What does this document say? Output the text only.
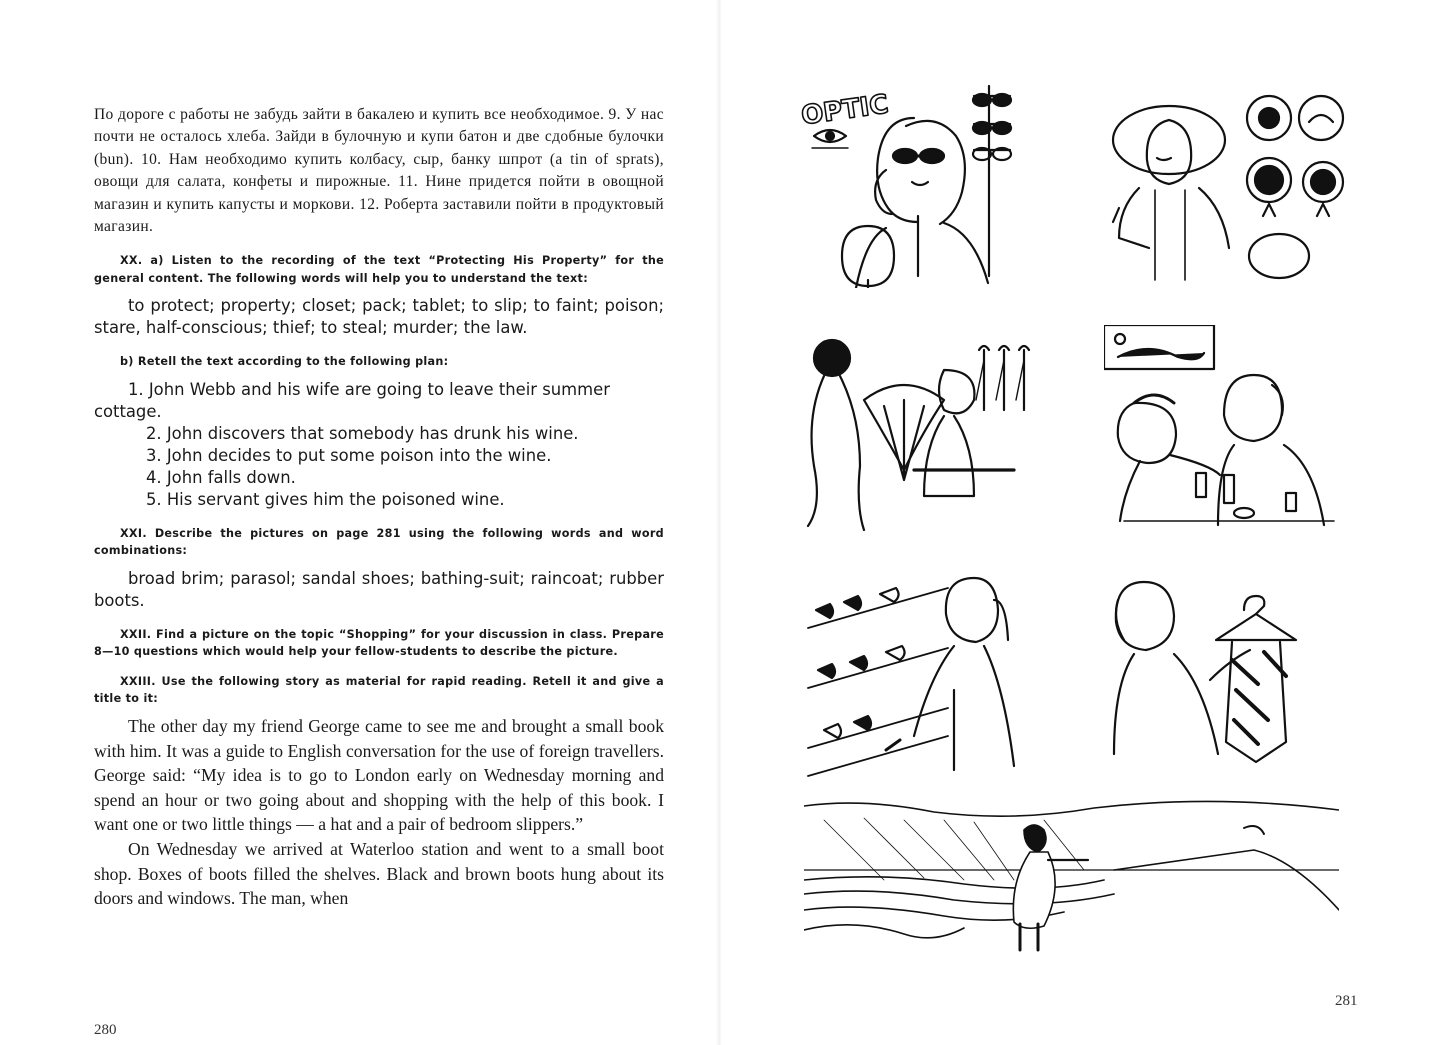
По дороге с работы не забудь зайти в бакалею и купить все необходимое. 9. У нас почти не осталось хлеба. Зайди в булочную и купи батон и две сдобные булочки (bun). 10. Нам необходимо купить колбасу, сыр, банку шпрот (a tin of sprats), овощи для салата, конфеты и пирожные. 11. Нине придется пойти в овощной магазин и купить капусты и моркови. 12. Роберта заставили пойти в продуктовый магазин.

XX. a) Listen to the recording of the text “Protecting His Property” for the general content. The following words will help you to understand the text:

to protect; property; closet; pack; tablet; to slip; to faint; poison; stare, half-conscious; thief; to steal; murder; the law.

b) Retell the text according to the following plan:

1. John Webb and his wife are going to leave their summer cottage.

2. John discovers that somebody has drunk his wine.

3. John decides to put some poison into the wine.

4. John falls down.

5. His servant gives him the poisoned wine.

XXI. Describe the pictures on page 281 using the following words and word combinations:

broad brim; parasol; sandal shoes; bathing-suit; raincoat; rubber boots.

XXII. Find a picture on the topic “Shopping” for your discussion in class. Prepare 8—10 questions which would help your fellow-students to describe the picture.

XXIII. Use the following story as material for rapid reading. Retell it and give a title to it:

The other day my friend George came to see me and brought a small book with him. It was a guide to English conversation for the use of foreign travellers. George said: “My idea is to go to London early on Wednesday morning and spend an hour or two going about and shopping with the help of this book. I want one or two little things — a hat and a pair of bedroom slippers.”

On Wednesday we arrived at Waterloo station and went to a small boot shop. Boxes of boots filled the shelves. Black and brown boots hung about its doors and windows. The man, when

280
OPTIC
281
